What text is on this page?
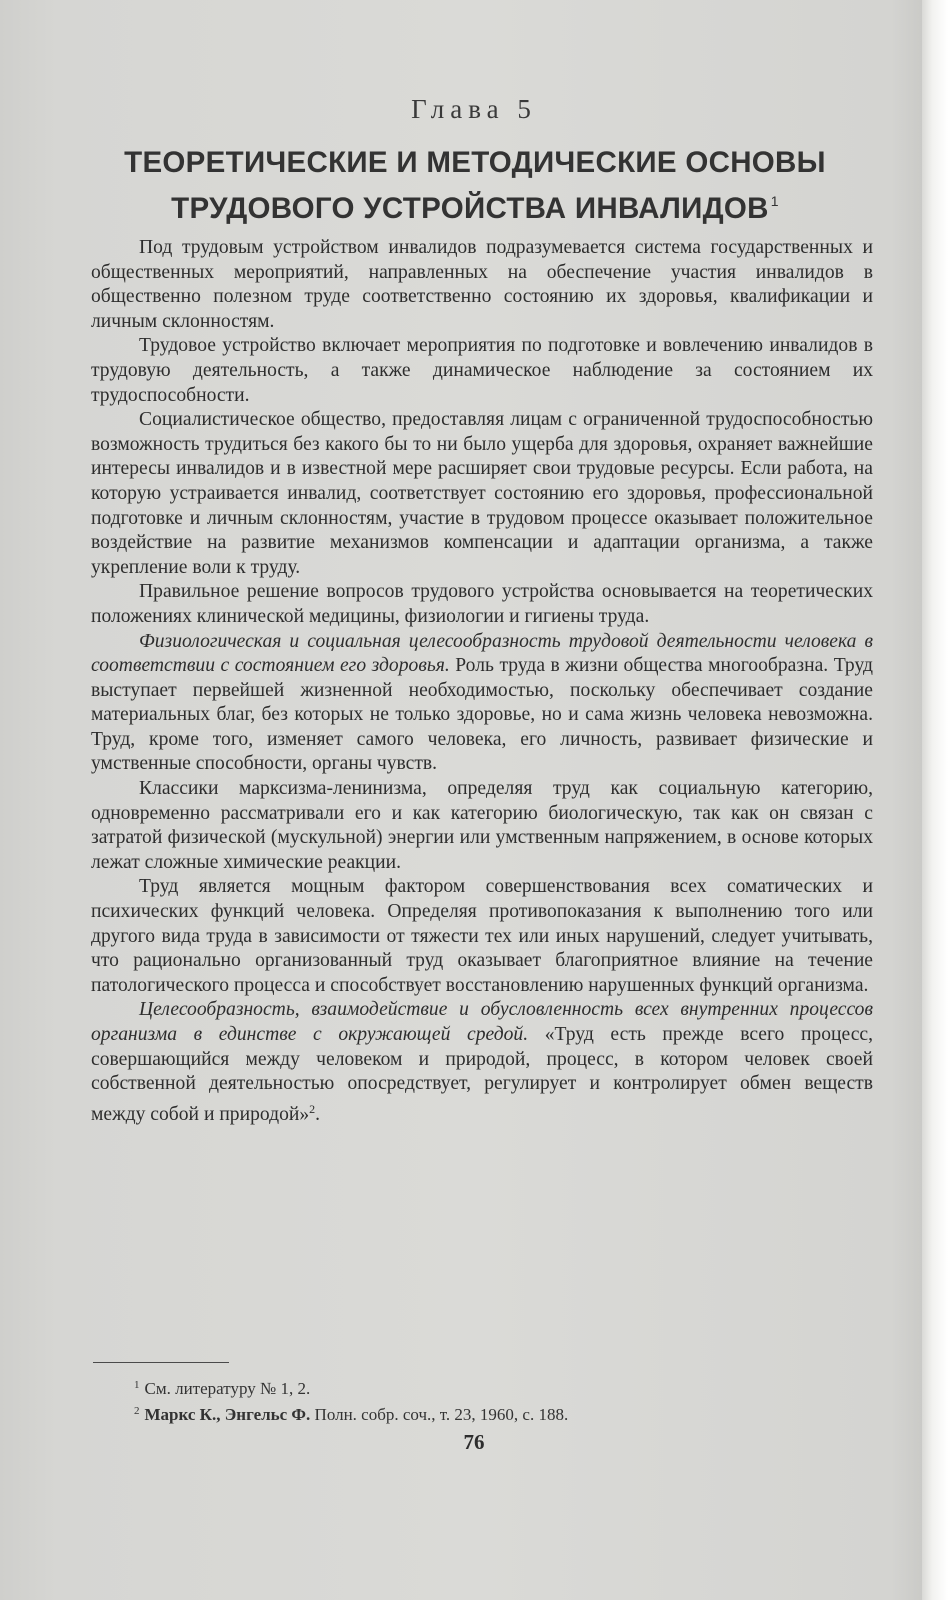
Глава 5
ТЕОРЕТИЧЕСКИЕ И МЕТОДИЧЕСКИЕ ОСНОВЫ
ТРУДОВОГО УСТРОЙСТВА ИНВАЛИДОВ $^1$

Под трудовым устройством инвалидов подразумевается система государственных и общественных мероприятий, направленных на обеспечение участия инвалидов в общественно полезном труде соответственно состоянию их здоровья, квалификации и личным склонностям.

Трудовое устройство включает мероприятия по подготовке и вовлечению инвалидов в трудовую деятельность, а также динамическое наблюдение за состоянием их трудоспособности.

Социалистическое общество, предоставляя лицам с ограниченной трудоспособностью возможность трудиться без какого бы то ни было ущерба для здоровья, охраняет важнейшие интересы инвалидов и в известной мере расширяет свои трудовые ресурсы. Если работа, на которую устраивается инвалид, соответствует состоянию его здоровья, профессиональной подготовке и личным склонностям, участие в трудовом процессе оказывает положительное воздействие на развитие механизмов компенсации и адаптации организма, а также укрепление воли к труду.

Правильное решение вопросов трудового устройства основывается на теоретических положениях клинической медицины, физиологии и гигиены труда.

Физиологическая и социальная целесообразность трудовой деятельности человека в соответствии с состоянием его здоровья. Роль труда в жизни общества многообразна. Труд выступает первейшей жизненной необходимостью, поскольку обеспечивает создание материальных благ, без которых не только здоровье, но и сама жизнь человека невозможна. Труд, кроме того, изменяет самого человека, его личность, развивает физические и умственные способности, органы чувств.

Классики марксизма-ленинизма, определяя труд как социальную категорию, одновременно рассматривали его и как категорию биологическую, так как он связан с затратой физической (мускульной) энергии или умственным напряжением, в основе которых лежат сложные химические реакции.

Труд является мощным фактором совершенствования всех соматических и психических функций человека. Определяя противопоказания к выполнению того или другого вида труда в зависимости от тяжести тех или иных нарушений, следует учитывать, что рационально организованный труд оказывает благоприятное влияние на течение патологического процесса и способствует восстановлению нарушенных функций организма.

Целесообразность, взаимодействие и обусловленность всех внутренних процессов организма в единстве с окружающей средой. «Труд есть прежде всего процесс, совершающийся между человеком и природой, процесс, в котором человек своей собственной деятельностью опосредствует, регулирует и контролирует обмен веществ между собой и природой»$^2$.

$^1$ См. литературу № 1, 2.

$^2$ Маркс К., Энгельс Ф. Полн. собр. соч., т. 23, 1960, с. 188.

76
